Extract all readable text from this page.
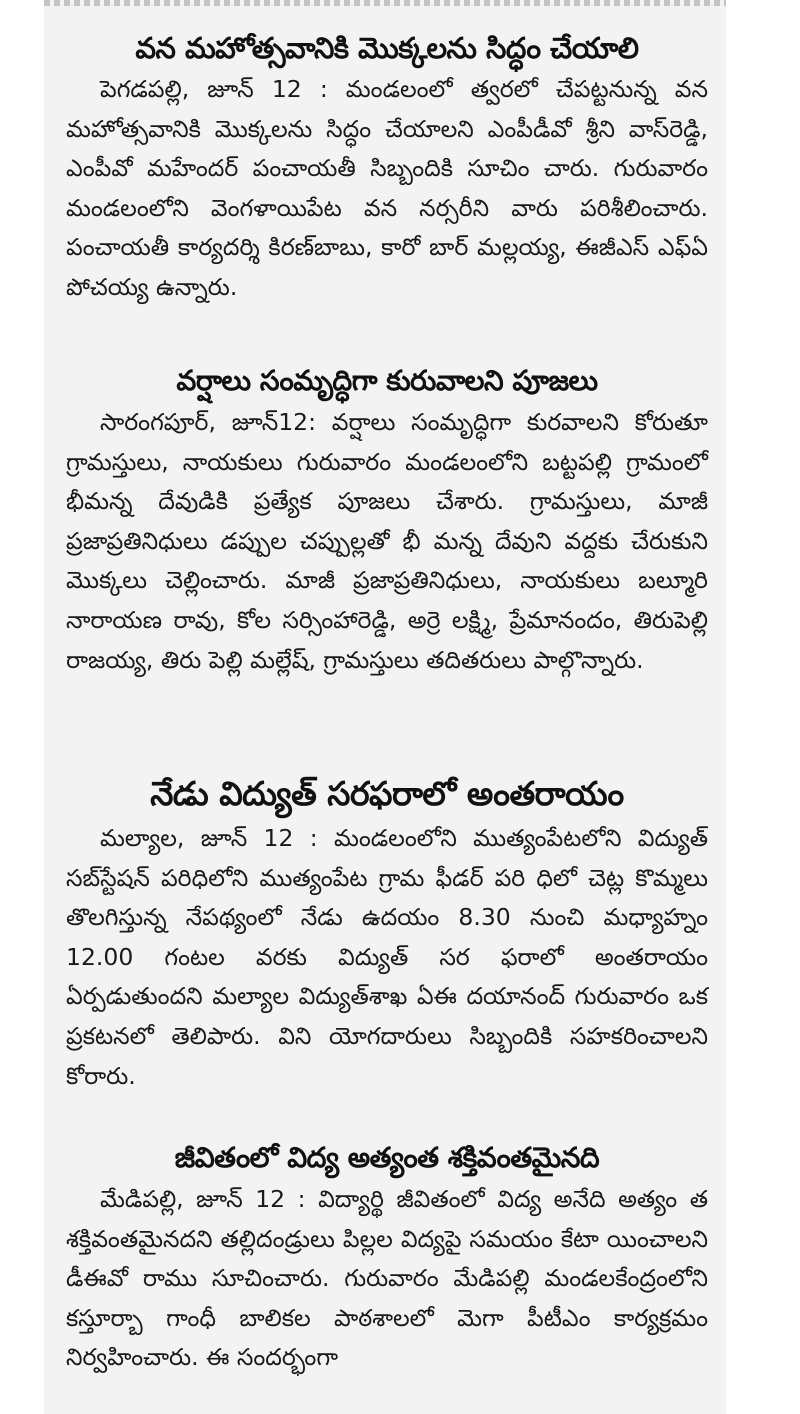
వన మహోత్సవానికి మొక్కలను సిద్ధం చేయాలి

పెగడపల్లి, జూన్ 12 : మండలంలో త్వరలో చేపట్టనున్న వన మహోత్సవానికి మొక్కలను సిద్ధం చేయాలని ఎంపీడీవో శ్రీని వాస్‌రెడ్డి, ఎంపీవో మహేందర్ పంచాయతీ సిబ్బందికి సూచిం చారు. గురువారం మండలంలోని వెంగళాయిపేట వన నర్సరీని వారు పరిశీలించారు. పంచాయతీ కార్యదర్శి కిరణ్‌బాబు, కారో బార్ మల్లయ్య, ఈజీఎస్ ఎఫ్‌ఏ పోచయ్య ఉన్నారు.

వర్షాలు సంమృద్ధిగా కురువాలని పూజలు

సారంగపూర్, జూన్12: వర్షాలు సంమృద్ధిగా కురవాలని కోరుతూ గ్రామస్తులు, నాయకులు గురువారం మండలంలోని బట్టపల్లి గ్రామంలో భీమన్న దేవుడికి ప్రత్యేక పూజలు చేశారు. గ్రామస్తులు, మాజీ ప్రజాప్రతినిధులు డప్పుల చప్పుల్లతో భీ మన్న దేవుని వద్దకు చేరుకుని మొక్కలు చెల్లించారు. మాజీ ప్రజాప్రతినిధులు, నాయకులు బల్మూరి నారాయణ రావు, కోల సర్సింహారెడ్డి, అర్రె లక్ష్మి, ప్రేమానందం, తిరుపెల్లి రాజయ్య, తిరు పెల్లి మల్లేష్, గ్రామస్తులు తదితరులు పాల్గొన్నారు.

నేడు విద్యుత్ సరఫరాలో అంతరాయం

మల్యాల, జూన్ 12 : మండలంలోని ముత్యంపేటలోని విద్యుత్ సబ్‌స్టేషన్ పరిధిలోని ముత్యంపేట గ్రామ ఫీడర్ పరి ధిలో చెట్ల కొమ్మలు తొలగిస్తున్న నేపథ్యంలో నేడు ఉదయం 8.30 నుంచి మధ్యాహ్నం 12.00 గంటల వరకు విద్యుత్ సర ఫరాలో అంతరాయం ఏర్పడుతుందని మల్యాల విద్యుత్‌శాఖ ఏఈ దయానంద్ గురువారం ఒక ప్రకటనలో తెలిపారు. విని యోగదారులు సిబ్బందికి సహకరించాలని కోరారు.

జీవితంలో విద్య అత్యంత శక్తివంతమైనది

మేడిపల్లి, జూన్ 12 : విద్యార్థి జీవితంలో విద్య అనేది అత్యం త శక్తివంతమైనదని తల్లిదండ్రులు పిల్లల విద్యపై సమయం కేటా యించాలని డీఈవో రాము సూచించారు. గురువారం మేడిపల్లి మండలకేంద్రంలోని కస్తూర్బా గాంధీ బాలికల పాఠశాలలో మెగా పీటీఎం కార్యక్రమం నిర్వహించారు. ఈ సందర్భంగా
